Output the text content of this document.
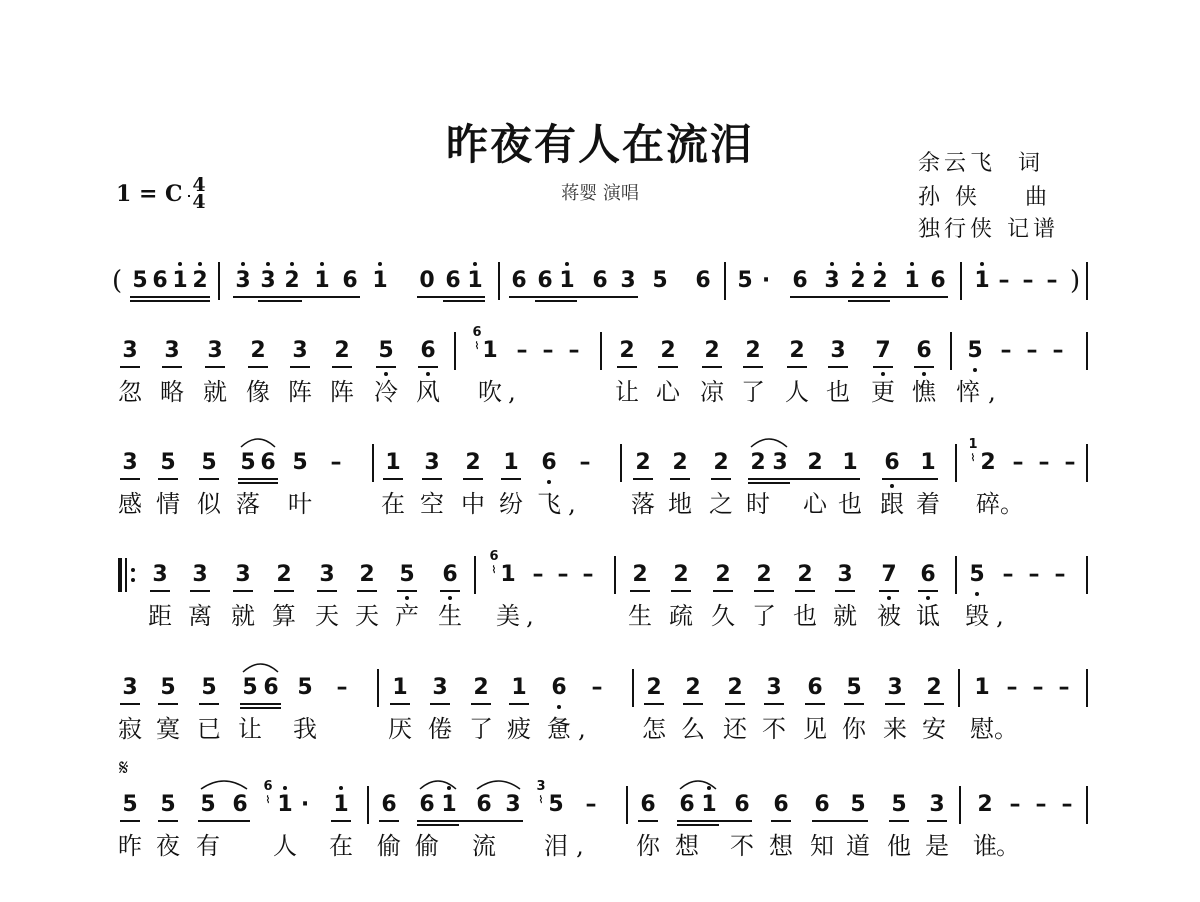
昨夜有人在流泪
蒋婴 演唱
余云飞  词
孙 侠    曲
独行侠 记谱
1 = C 4
4
𝄋
(	)
5 6 1 2 3 3 2 1 6 1 0 6 1 6 6 1 6 3 5 6 5 ·	6 3 2 2 1 6 1 – – –
3 3 3 2 3 2 5 6 1 – – – 2 2 2 2 2 3 7 6 5 – – –
6
⌇
忽 略 就 像 阵 阵 冷 风 吹 ,	让 心 凉 了 人 也 更 憔 悴 ,
3 5 5 5 6 5 – 1 3 2 1 6 – 2 2 2 2 3 2 1 6 1 2 – – –
1
⌇
感 情 似 落 叶	在 空 中 纷 飞 ,	落 地 之 时 心 也 跟 着 碎 。
3 3 3 2 3 2 5 6 1 – – – 2 2 2 2 2 3 7 6 5 – – –
6
⌇
距 离 就 算 天 天 产 生 美 ,	生 疏 久 了 也 就 被 诋 毁 ,
3 5 5 5 6 5 – 1 3 2 1 6 – 2 2 2 3 6 5 3 2 1 – – –
寂 寞 已 让 我	厌 倦 了 疲 惫 ,	怎 么 还 不 见 你 来 安 慰 。
5 5 5 6 1 ·	1 6 6 1 6 3 5 – 6 6 1 6 6 6 5 5 3 2 – – –
6
⌇
3
⌇
昨 夜 有 人 在 偷 偷 流 泪 ,	你 想 不 想 知 道 他 是 谁 。
